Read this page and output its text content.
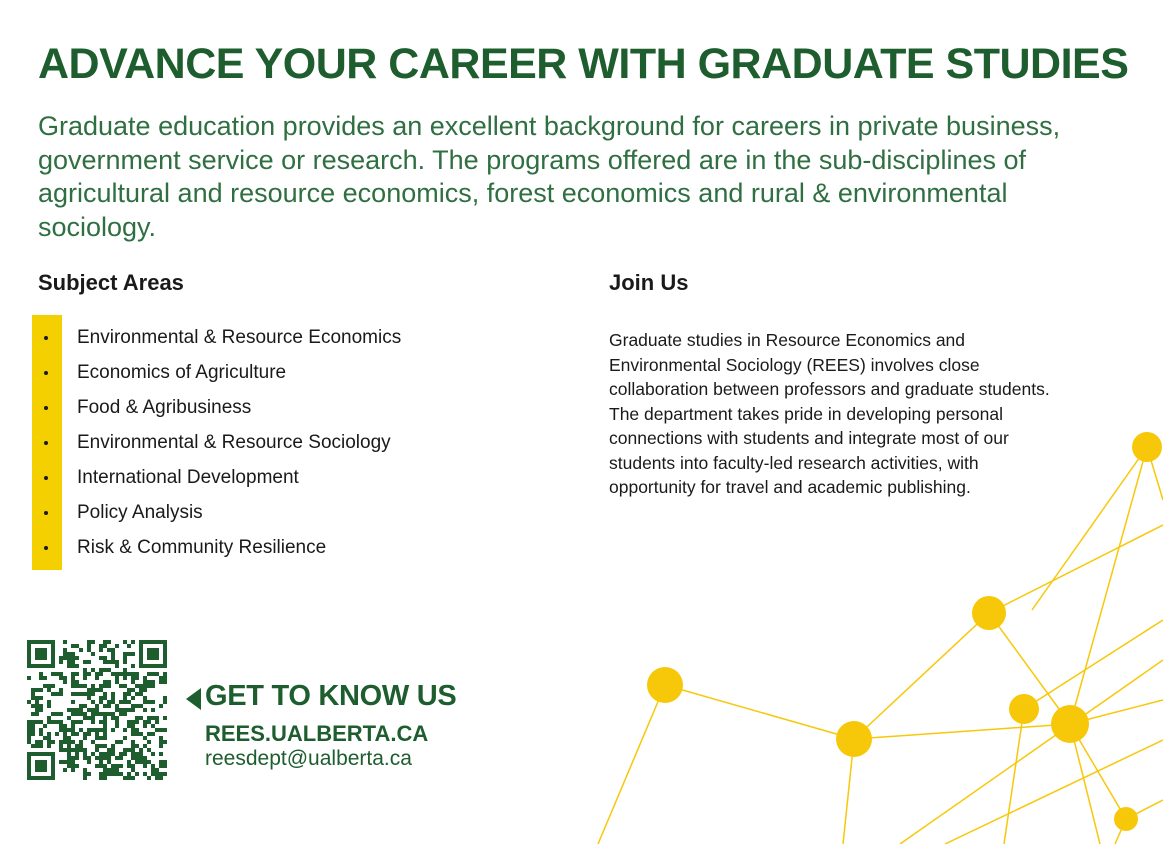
ADVANCE YOUR CAREER WITH GRADUATE STUDIES

Graduate education provides an excellent background for careers in private business, government service or research. The programs offered are in the sub-disciplines of agricultural and resource economics, forest economics and rural & environmental sociology.

Subject Areas
Environmental & Resource Economics
Economics of Agriculture
Food & Agribusiness
Environmental & Resource Sociology
International Development
Policy Analysis
Risk & Community Resilience
Join Us

Graduate studies in Resource Economics and Environmental Sociology (REES) involves close collaboration between professors and graduate students. The department takes pride in developing personal connections with students and integrate most of our students into faculty-led research activities, with opportunity for travel and academic publishing.

GET TO KNOW US
REES.UALBERTA.CA
reesdept@ualberta.ca
